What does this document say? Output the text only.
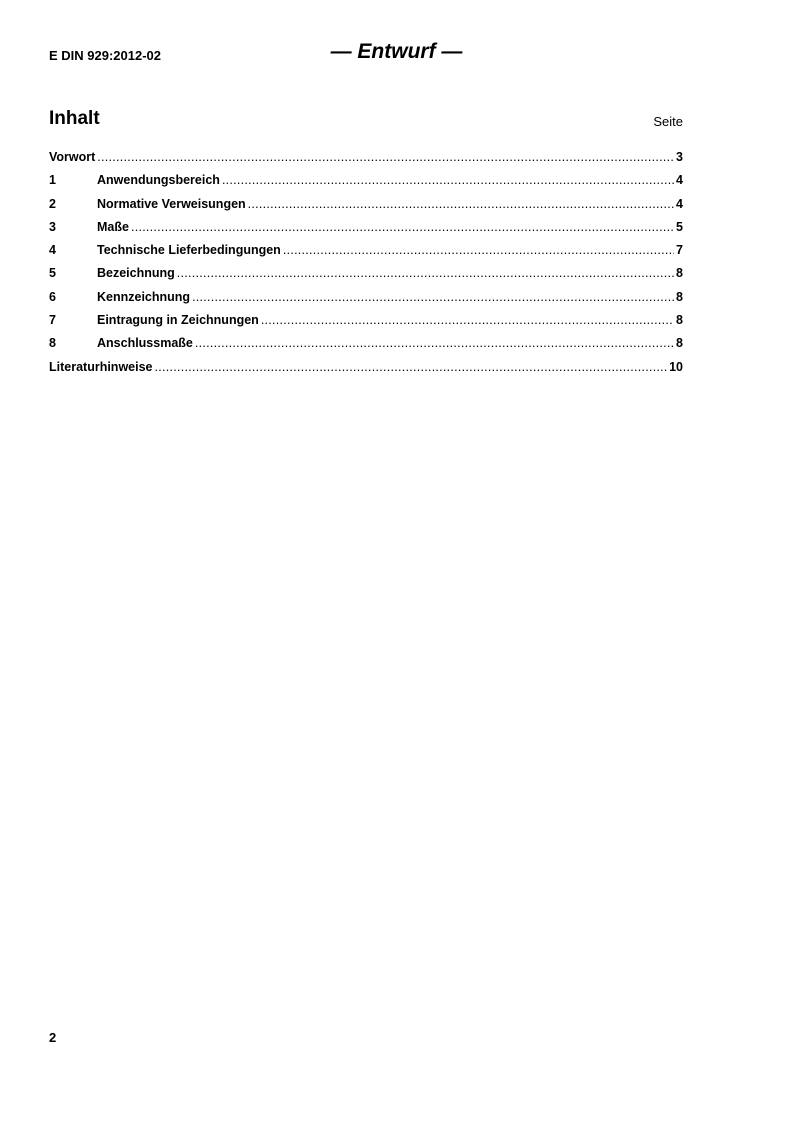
E DIN 929:2012-02	— Entwurf —
Inhalt	Seite
Vorwort . . .	3
1	Anwendungsbereich . . .	4
2	Normative Verweisungen . . .	4
3	Maße . . .	5
4	Technische Lieferbedingungen . . .	7
5	Bezeichnung . . .	8
6	Kennzeichnung . . .	8
7	Eintragung in Zeichnungen . . .	8
8	Anschlussmaße . . .	8
Literaturhinweise . . .	10
2
